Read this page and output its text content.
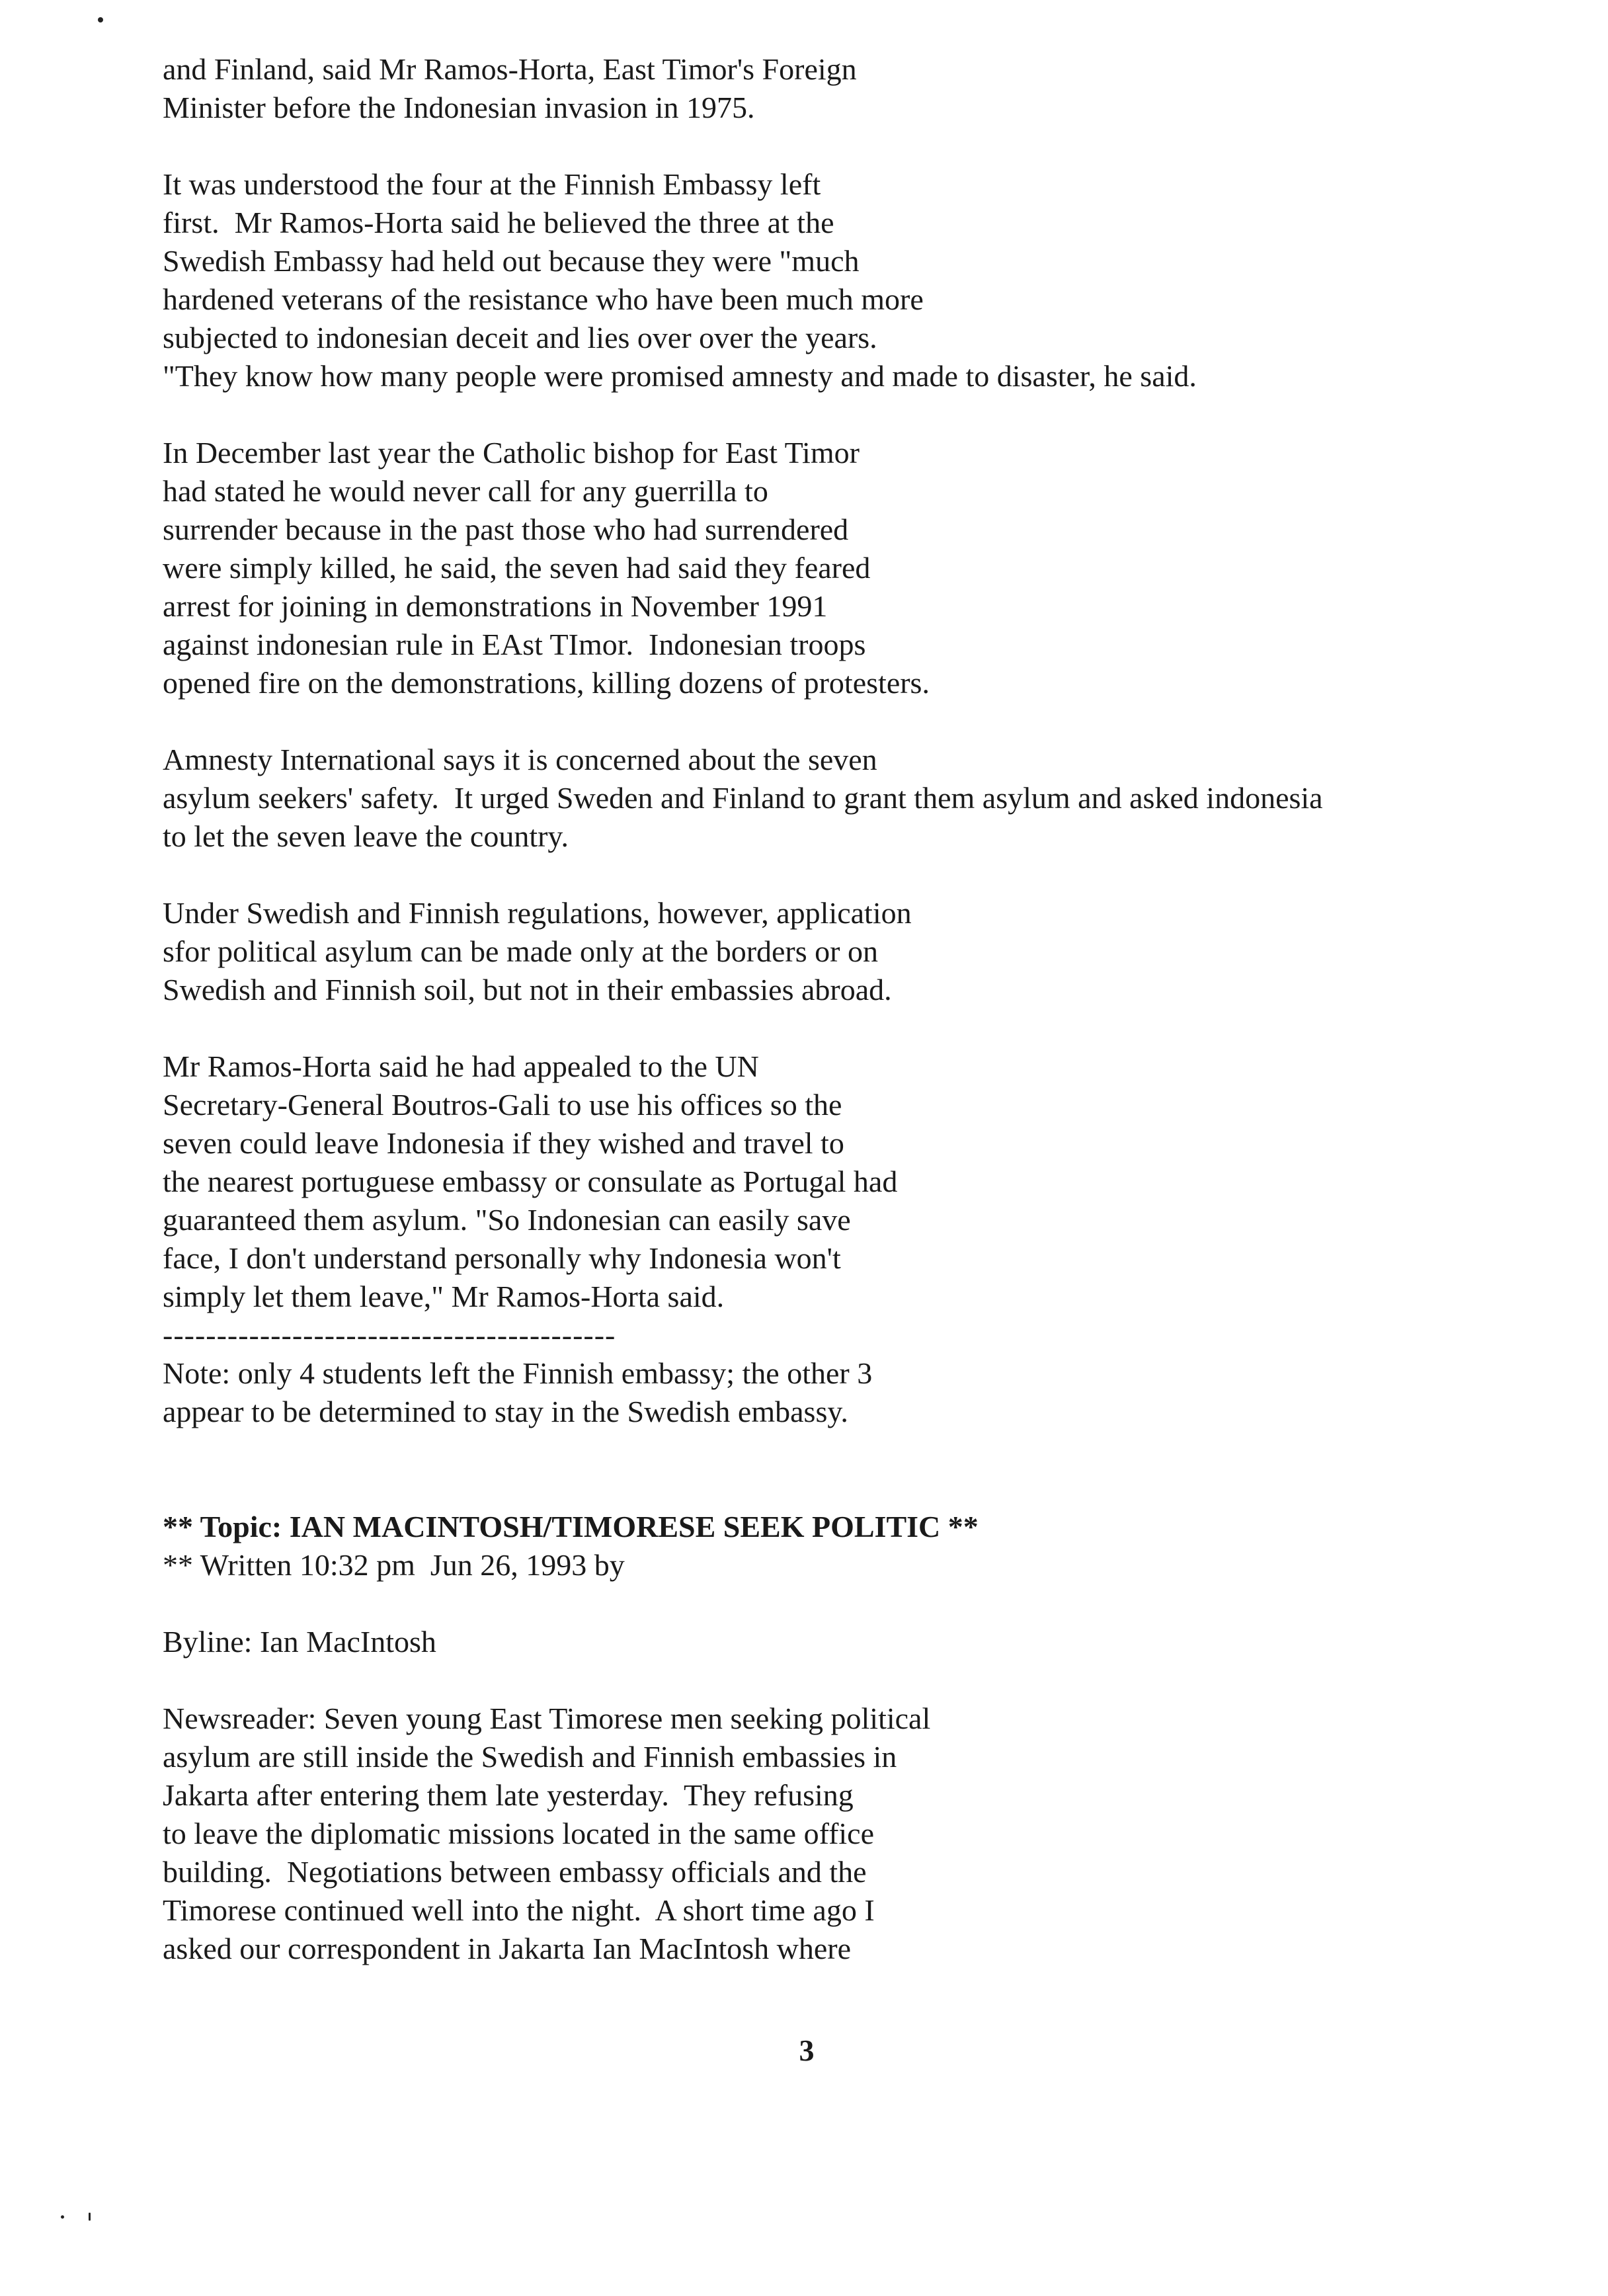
and Finland, said Mr Ramos-Horta, East Timor's Foreign
Minister before the Indonesian invasion in 1975.
It was understood the four at the Finnish Embassy left
first.  Mr Ramos-Horta said he believed the three at the
Swedish Embassy had held out because they were "much
hardened veterans of the resistance who have been much more
subjected to indonesian deceit and lies over over the years.
"They know how many people were promised amnesty and made to disaster, he said.
In December last year the Catholic bishop for East Timor
had stated he would never call for any guerrilla to
surrender because in the past those who had surrendered
were simply killed, he said, the seven had said they feared
arrest for joining in demonstrations in November 1991
against indonesian rule in EAst TImor.  Indonesian troops
opened fire on the demonstrations, killing dozens of protesters.
Amnesty International says it is concerned about the seven
asylum seekers' safety.  It urged Sweden and Finland to grant them asylum and asked indonesia
to let the seven leave the country.
Under Swedish and Finnish regulations, however, application
sfor political asylum can be made only at the borders or on
Swedish and Finnish soil, but not in their embassies abroad.
Mr Ramos-Horta said he had appealed to the UN
Secretary-General Boutros-Gali to use his offices so the
seven could leave Indonesia if they wished and travel to
the nearest portuguese embassy or consulate as Portugal had
guaranteed them asylum. "So Indonesian can easily save
face, I don't understand personally why Indonesia won't
simply let them leave," Mr Ramos-Horta said.
------------------------------------------
Note: only 4 students left the Finnish embassy; the other 3
appear to be determined to stay in the Swedish embassy.
** Topic: IAN MACINTOSH/TIMORESE SEEK POLITIC **
** Written 10:32 pm  Jun 26, 1993 by
Byline: Ian MacIntosh
Newsreader: Seven young East Timorese men seeking political
asylum are still inside the Swedish and Finnish embassies in
Jakarta after entering them late yesterday.  They refusing
to leave the diplomatic missions located in the same office
building.  Negotiations between embassy officials and the
Timorese continued well into the night.  A short time ago I
asked our correspondent in Jakarta Ian MacIntosh where
3
